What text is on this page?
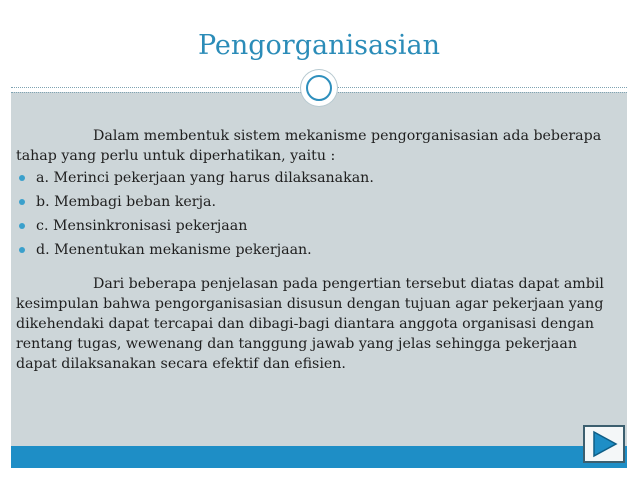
Pengorganisasian

Dalam membentuk sistem mekanisme pengorganisasian ada beberapa tahap yang perlu untuk diperhatikan, yaitu :

a. Merinci pekerjaan yang harus dilaksanakan.
b. Membagi beban kerja.
c. Mensinkronisasi pekerjaan
d. Menentukan mekanisme pekerjaan.

Dari beberapa penjelasan pada pengertian tersebut diatas dapat ambil kesimpulan bahwa pengorganisasian disusun dengan tujuan agar pekerjaan yang dikehendaki dapat tercapai dan dibagi-bagi diantara anggota organisasi dengan rentang tugas, wewenang dan tanggung jawab yang jelas sehingga pekerjaan dapat dilaksanakan secara efektif dan efisien.
